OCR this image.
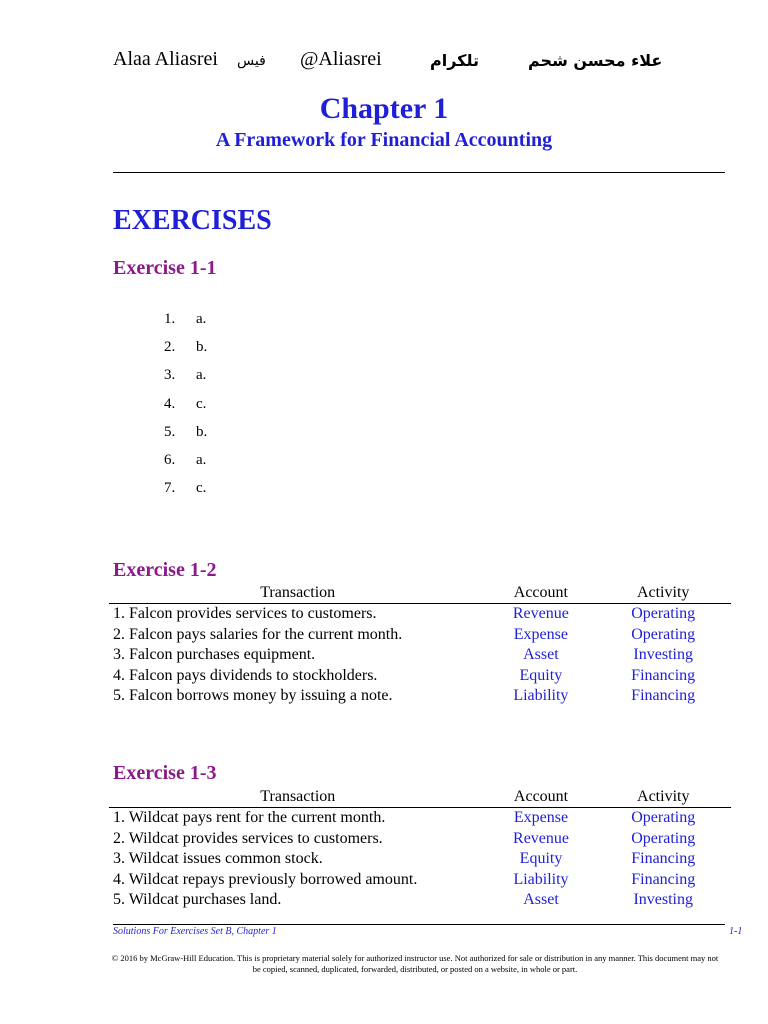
Alaa Aliasrei فيس @Aliasrei	تلكرام	علاء محسن شحم
Chapter 1
A Framework for Financial Accounting
EXERCISES
Exercise 1-1
1. a.
2. b.
3. a.
4. c.
5. b.
6. a.
7. c.
Exercise 1-2
Transaction	Account	Activity
1. Falcon provides services to customers.	Revenue	Operating
2. Falcon pays salaries for the current month.	Expense	Operating
3. Falcon purchases equipment.	Asset	Investing
4. Falcon pays dividends to stockholders.	Equity	Financing
5. Falcon borrows money by issuing a note.	Liability	Financing
Exercise 1-3
Transaction	Account	Activity
1. Wildcat pays rent for the current month.	Expense	Operating
2. Wildcat provides services to customers.	Revenue	Operating
3. Wildcat issues common stock.	Equity	Financing
4. Wildcat repays previously borrowed amount.	Liability	Financing
5. Wildcat purchases land.	Asset	Investing
Solutions For Exercises Set B, Chapter 1	1-1
© 2016 by McGraw-Hill Education. This is proprietary material solely for authorized instructor use. Not authorized for sale or distribution in any manner. This document may not be copied, scanned, duplicated, forwarded, distributed, or posted on a website, in whole or part.
